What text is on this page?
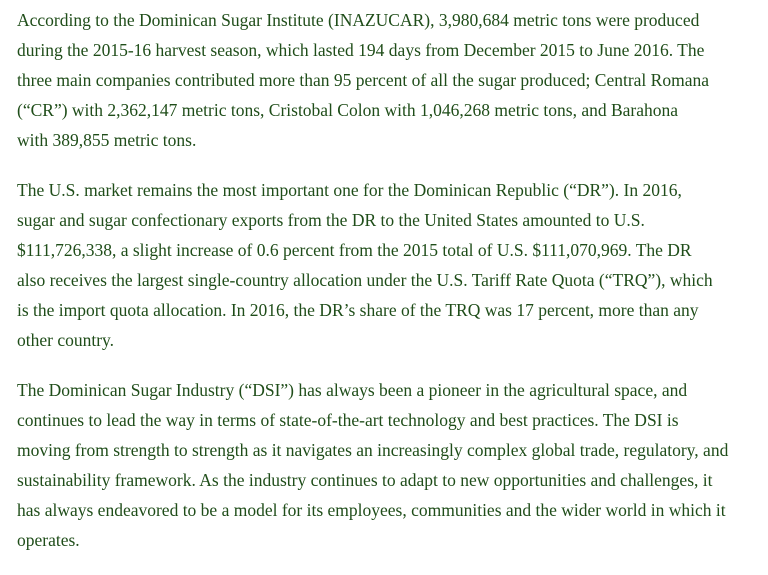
According to the Dominican Sugar Institute (INAZUCAR), 3,980,684 metric tons were produced
during the 2015-16 harvest season, which lasted 194 days from December 2015 to June 2016. The
three main companies contributed more than 95 percent of all the sugar produced; Central Romana
(“CR”) with 2,362,147 metric tons, Cristobal Colon with 1,046,268 metric tons, and Barahona
with 389,855 metric tons.

The U.S. market remains the most important one for the Dominican Republic (“DR”). In 2016,
sugar and sugar confectionary exports from the DR to the United States amounted to U.S.
$111,726,338, a slight increase of 0.6 percent from the 2015 total of U.S. $111,070,969. The DR
also receives the largest single-country allocation under the U.S. Tariff Rate Quota (“TRQ”), which
is the import quota allocation. In 2016, the DR’s share of the TRQ was 17 percent, more than any
other country.

The Dominican Sugar Industry (“DSI”) has always been a pioneer in the agricultural space, and
continues to lead the way in terms of state-of-the-art technology and best practices. The DSI is
moving from strength to strength as it navigates an increasingly complex global trade, regulatory, and
sustainability framework. As the industry continues to adapt to new opportunities and challenges, it
has always endeavored to be a model for its employees, communities and the wider world in which it
operates.
